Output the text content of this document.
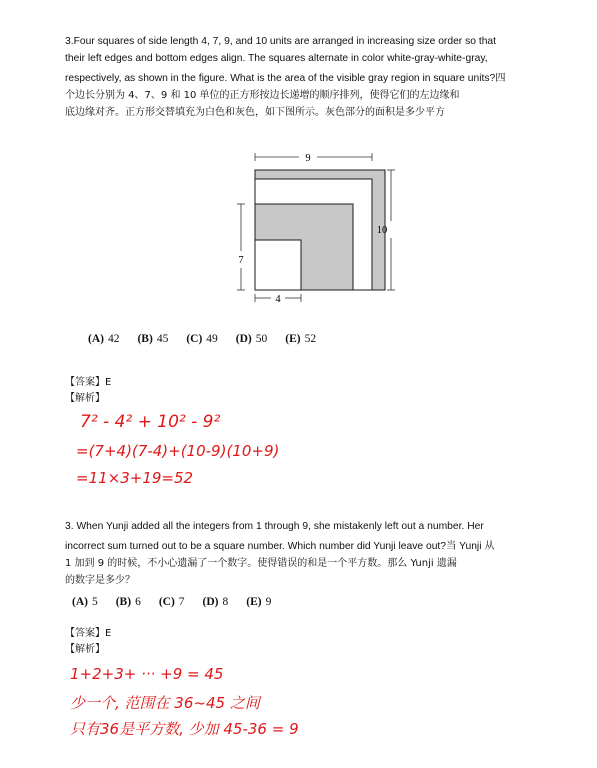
3.Four squares of side length 4, 7, 9, and 10 units are arranged in increasing size order so that
their left edges and bottom edges align. The squares alternate in color white-gray-white-gray,
respectively, as shown in the figure. What is the area of the visible gray region in square units?四
个边长分别为 4、7、9 和 10 单位的正方形按边长递增的顺序排列，使得它们的左边缘和
底边缘对齐。正方形交替填充为白色和灰色，如下图所示。灰色部分的面积是多少平方
9
10
7
4
(A) 42 (B) 45 (C) 49 (D) 50 (E) 52
【答案】E
【解析】
7² - 4² + 10² - 9²
=(7+4)(7-4)+(10-9)(10+9)
=11×3+19=52
3. When Yunji added all the integers from 1 through 9, she mistakenly left out a number. Her
incorrect sum turned out to be a square number. Which number did Yunji leave out?当 Yunji 从
1 加到 9 的时候，不小心遗漏了一个数字。使得错误的和是一个平方数。那么 Yunji 遗漏
的数字是多少？
(A) 5 (B) 6 (C) 7 (D) 8 (E) 9
【答案】E
【解析】
1+2+3+ ··· +9 = 45
少一个, 范围在 36~45 之间
只有36是平方数, 少加 45-36 = 9
